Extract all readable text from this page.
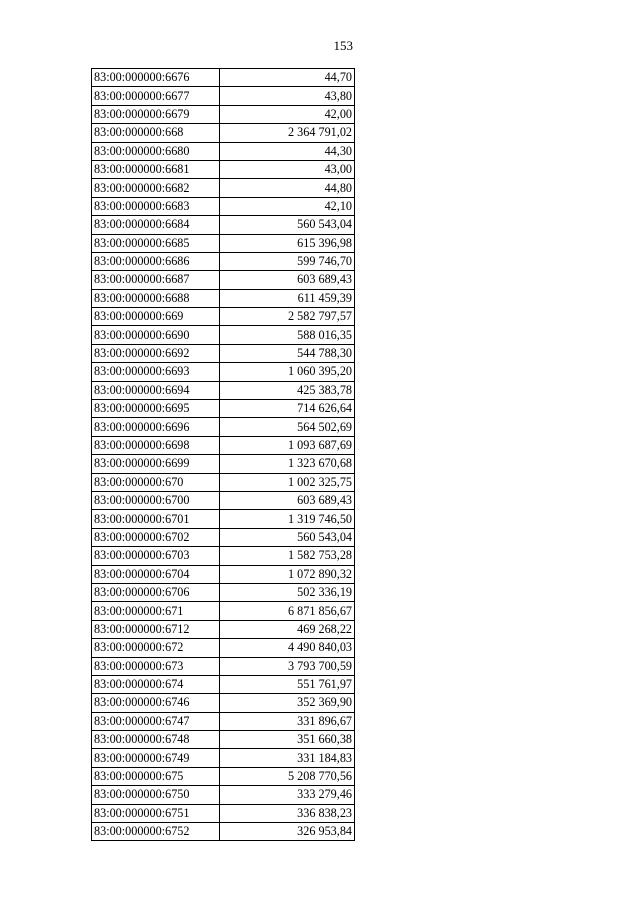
153
83:00:000000:6676	44,70
83:00:000000:6677	43,80
83:00:000000:6679	42,00
83:00:000000:668	2 364 791,02
83:00:000000:6680	44,30
83:00:000000:6681	43,00
83:00:000000:6682	44,80
83:00:000000:6683	42,10
83:00:000000:6684	560 543,04
83:00:000000:6685	615 396,98
83:00:000000:6686	599 746,70
83:00:000000:6687	603 689,43
83:00:000000:6688	611 459,39
83:00:000000:669	2 582 797,57
83:00:000000:6690	588 016,35
83:00:000000:6692	544 788,30
83:00:000000:6693	1 060 395,20
83:00:000000:6694	425 383,78
83:00:000000:6695	714 626,64
83:00:000000:6696	564 502,69
83:00:000000:6698	1 093 687,69
83:00:000000:6699	1 323 670,68
83:00:000000:670	1 002 325,75
83:00:000000:6700	603 689,43
83:00:000000:6701	1 319 746,50
83:00:000000:6702	560 543,04
83:00:000000:6703	1 582 753,28
83:00:000000:6704	1 072 890,32
83:00:000000:6706	502 336,19
83:00:000000:671	6 871 856,67
83:00:000000:6712	469 268,22
83:00:000000:672	4 490 840,03
83:00:000000:673	3 793 700,59
83:00:000000:674	551 761,97
83:00:000000:6746	352 369,90
83:00:000000:6747	331 896,67
83:00:000000:6748	351 660,38
83:00:000000:6749	331 184,83
83:00:000000:675	5 208 770,56
83:00:000000:6750	333 279,46
83:00:000000:6751	336 838,23
83:00:000000:6752	326 953,84
